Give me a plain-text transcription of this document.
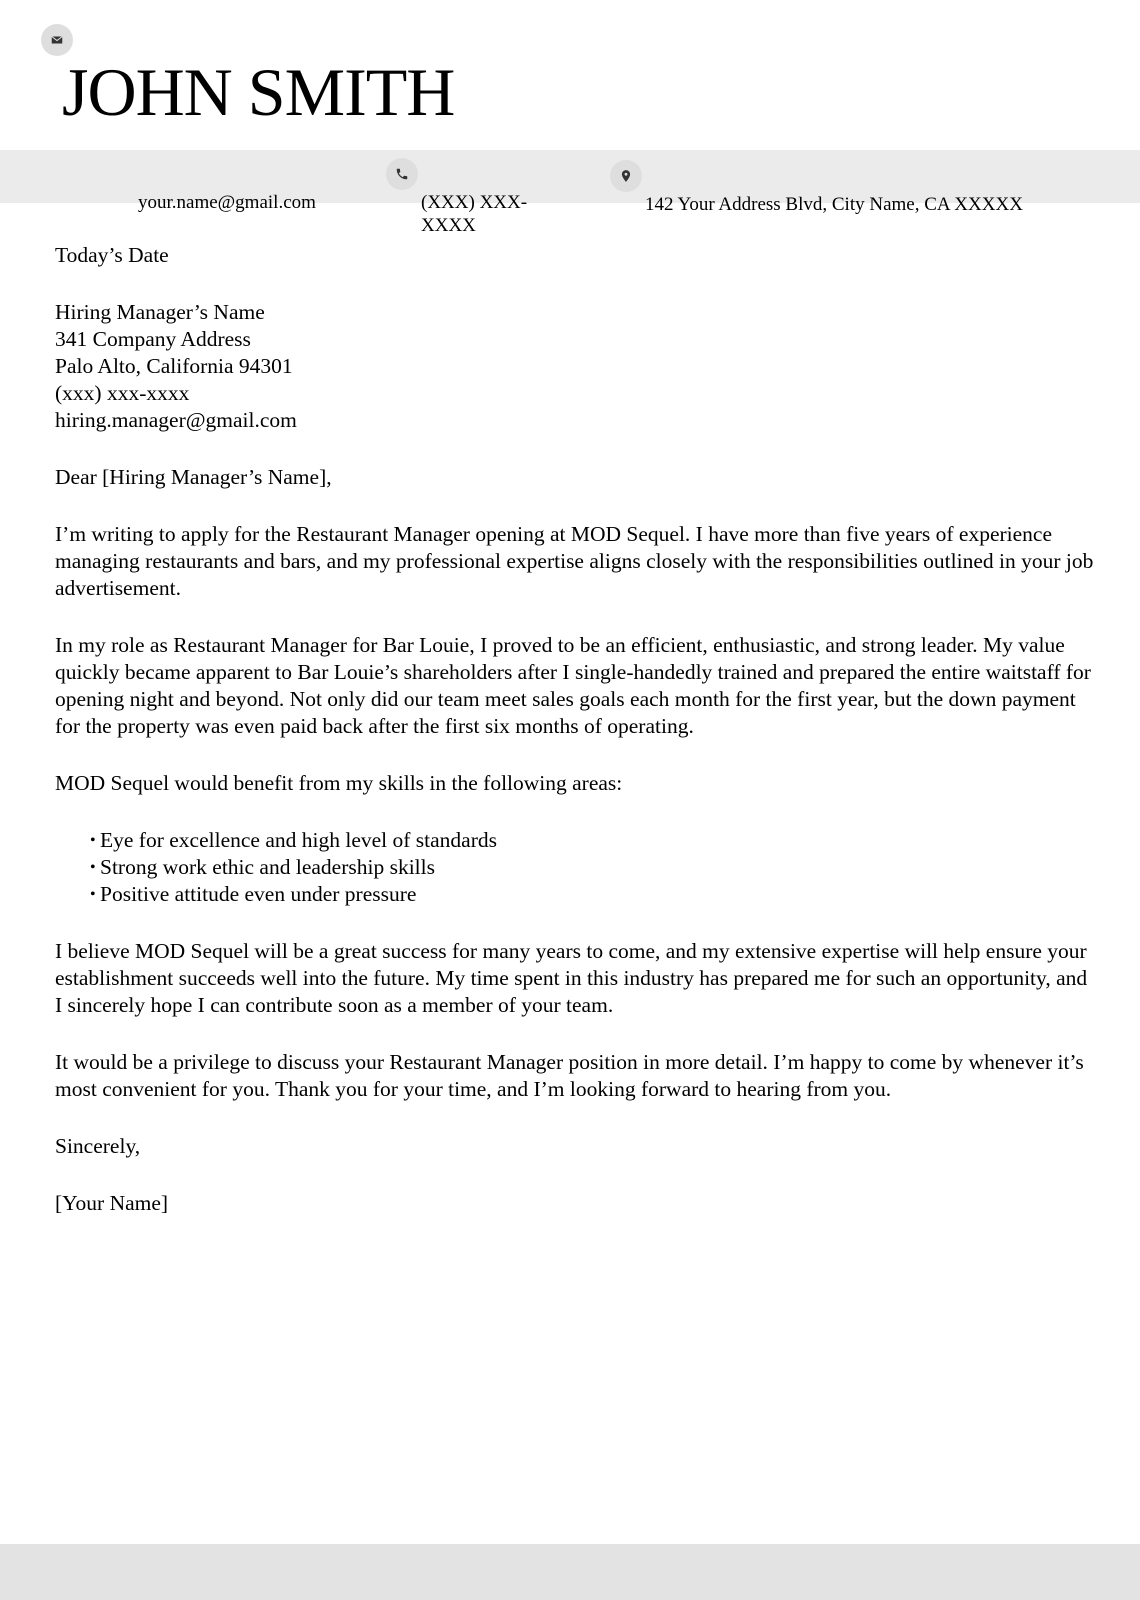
JOHN SMITH
your.name@gmail.com	(XXX) XXX-
XXXX
142 Your Address Blvd, City Name, CA XXXXX

Today’s Date

Hiring Manager’s Name
341 Company Address
Palo Alto, California 94301
(xxx) xxx-xxxx
hiring.manager@gmail.com

Dear [Hiring Manager’s Name],

I’m writing to apply for the Restaurant Manager opening at MOD Sequel. I have more than five years of experience managing restaurants and bars, and my professional expertise aligns closely with the responsibilities outlined in your job advertisement.

In my role as Restaurant Manager for Bar Louie, I proved to be an efficient, enthusiastic, and strong leader. My value quickly became apparent to Bar Louie’s shareholders after I single-handedly trained and prepared the entire waitstaff for opening night and beyond. Not only did our team meet sales goals each month for the first year, but the down payment for the property was even paid back after the first six months of operating.

MOD Sequel would benefit from my skills in the following areas:

• Eye for excellence and high level of standards
• Strong work ethic and leadership skills
• Positive attitude even under pressure

I believe MOD Sequel will be a great success for many years to come, and my extensive expertise will help ensure your establishment succeeds well into the future. My time spent in this industry has prepared me for such an opportunity, and I sincerely hope I can contribute soon as a member of your team.

It would be a privilege to discuss your Restaurant Manager position in more detail. I’m happy to come by whenever it’s most convenient for you. Thank you for your time, and I’m looking forward to hearing from you.

Sincerely,

[Your Name]
